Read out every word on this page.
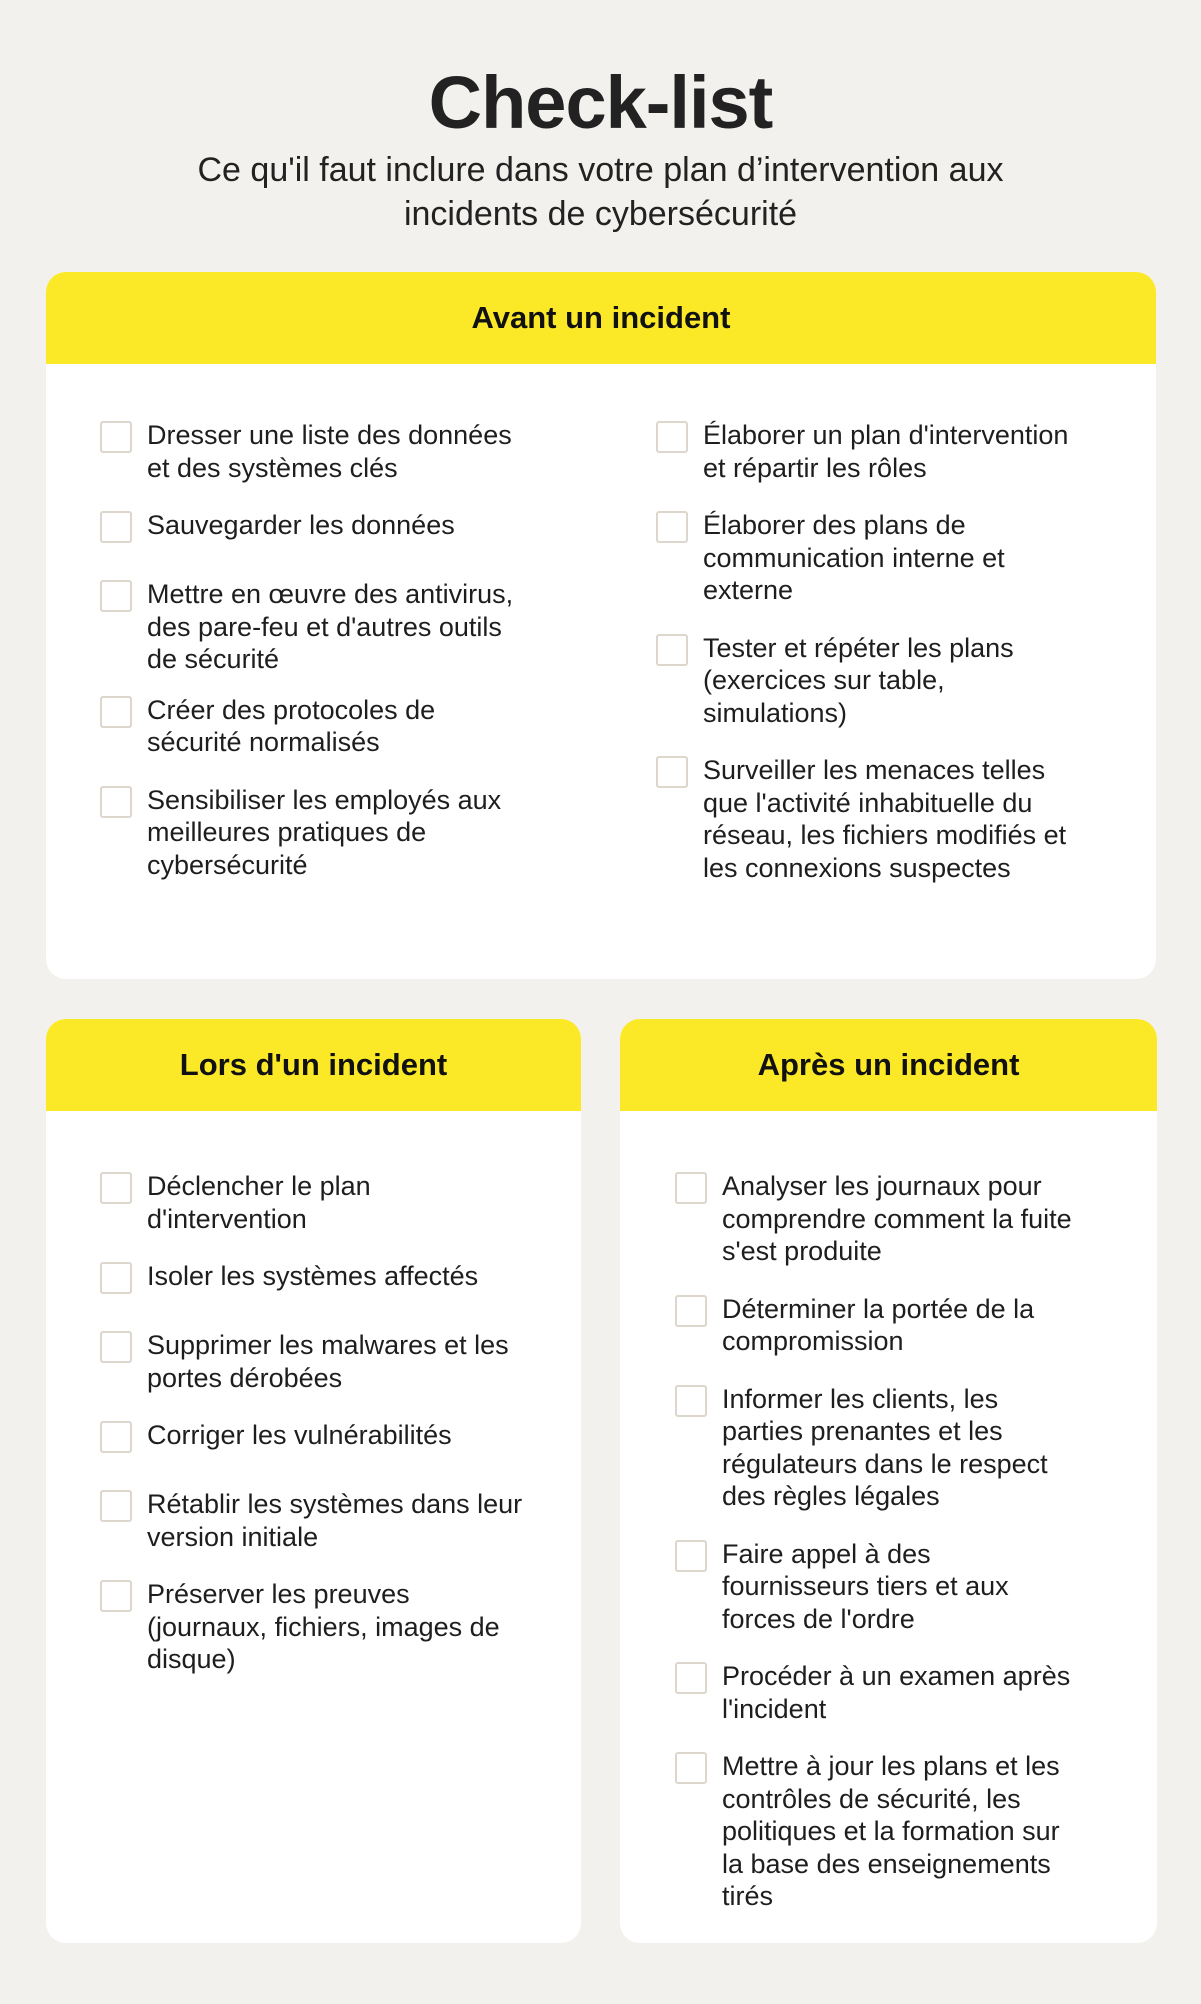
Check-list

Ce qu'il faut inclure dans votre plan d’intervention aux incidents de cybersécurité

Avant un incident
Dresser une liste des données et des systèmes clés
Sauvegarder les données
Mettre en œuvre des antivirus, des pare-feu et d'autres outils de sécurité
Créer des protocoles de sécurité normalisés
Sensibiliser les employés aux meilleures pratiques de cybersécurité
Élaborer un plan d'intervention et répartir les rôles
Élaborer des plans de communication interne et externe
Tester et répéter les plans (exercices sur table, simulations)
Surveiller les menaces telles que l'activité inhabituelle du réseau, les fichiers modifiés et les connexions suspectes
Lors d'un incident
Déclencher le plan d'intervention
Isoler les systèmes affectés
Supprimer les malwares et les portes dérobées
Corriger les vulnérabilités
Rétablir les systèmes dans leur version initiale
Préserver les preuves (journaux, fichiers, images de disque)
Après un incident
Analyser les journaux pour comprendre comment la fuite s'est produite
Déterminer la portée de la compromission
Informer les clients, les parties prenantes et les régulateurs dans le respect des règles légales
Faire appel à des fournisseurs tiers et aux forces de l'ordre
Procéder à un examen après l'incident
Mettre à jour les plans et les contrôles de sécurité, les politiques et la formation sur la base des enseignements tirés
